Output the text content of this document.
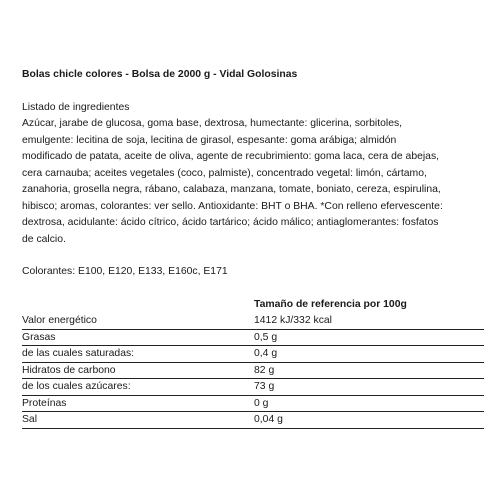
Bolas chicle colores - Bolsa de 2000 g - Vidal Golosinas

Listado de ingredientes
Azúcar, jarabe de glucosa, goma base, dextrosa, humectante: glicerina, sorbitoles,
emulgente: lecitina de soja, lecitina de girasol, espesante: goma arábiga; almidón
modificado de patata, aceite de oliva, agente de recubrimiento: goma laca, cera de abejas,
cera carnauba; aceites vegetales (coco, palmiste), concentrado vegetal: limón, cártamo,
zanahoria, grosella negra, rábano, calabaza, manzana, tomate, boniato, cereza, espirulina,
hibisco; aromas, colorantes: ver sello. Antioxidante: BHT o BHA. *Con relleno efervescente:
dextrosa, acidulante: ácido cítrico, ácido tartárico; ácido málico; antiaglomerantes: fosfatos
de calcio.
Colorantes: E100, E120, E133, E160c, E171
Tamaño de referencia por 100g
Valor energético	1412 kJ/332 kcal
Grasas	0,5 g
de las cuales saturadas:	0,4 g
Hidratos de carbono	82 g
de los cuales azúcares:	73 g
Proteínas	0 g
Sal	0,04 g
